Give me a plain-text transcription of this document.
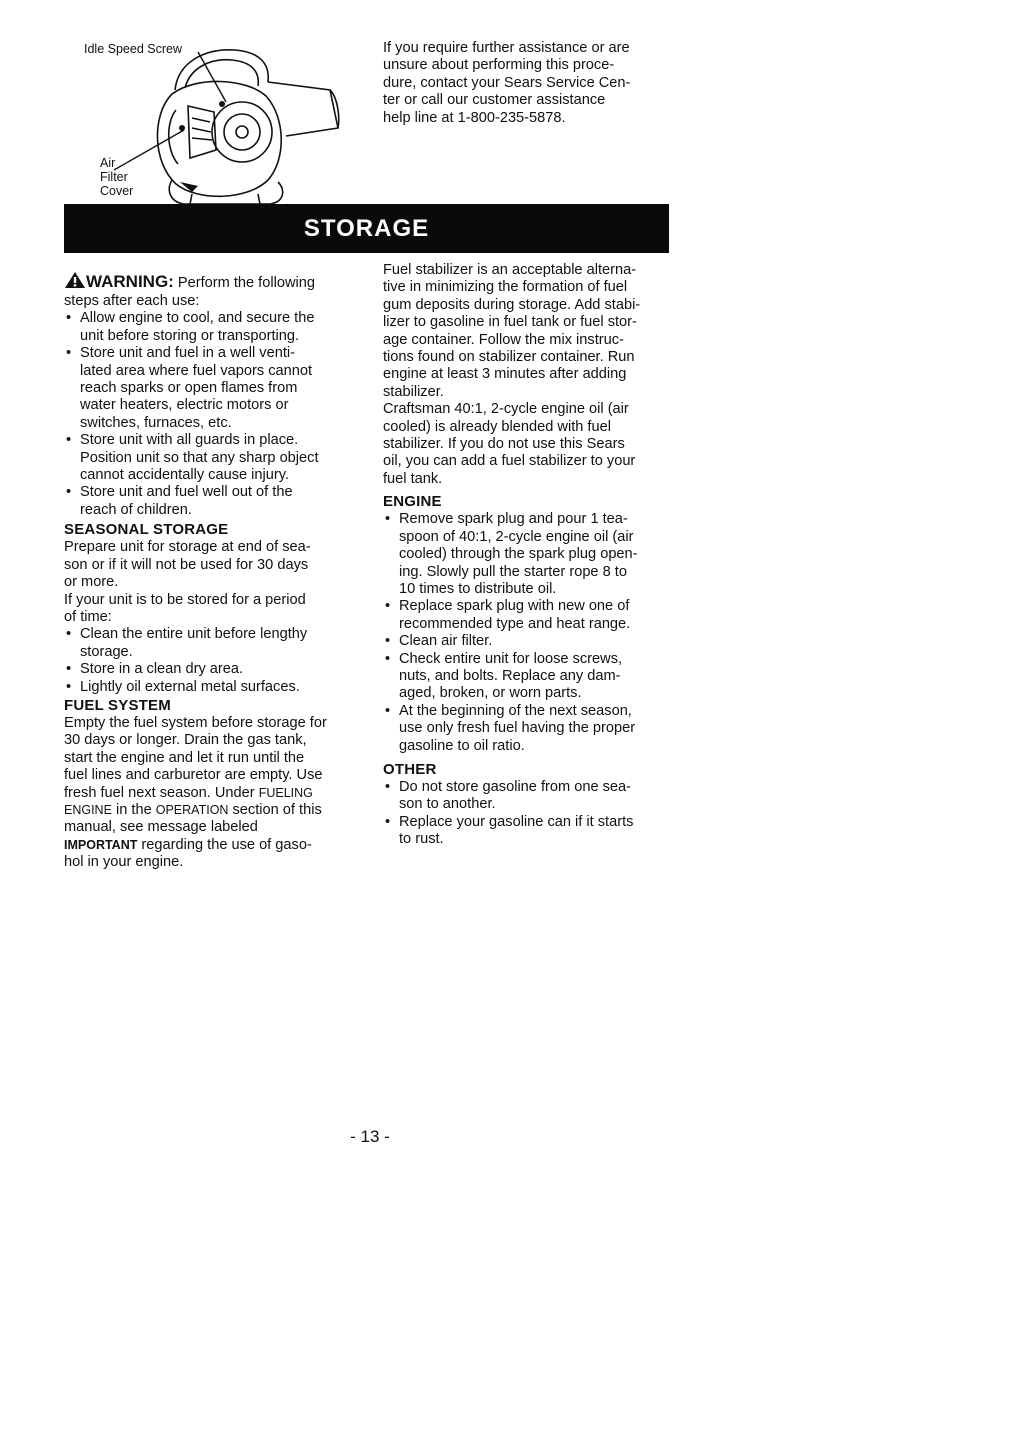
Idle Speed Screw
Air
Filter
Cover
If you require further assistance or are
unsure about performing this proce-
dure, contact your Sears Service Cen-
ter or call our customer assistance
help line at 1-800-235-5878.
STORAGE
WARNING: Perform the following
steps after each use:
• Allow engine to cool, and secure the
unit before storing or transporting.
• Store unit and fuel in a well venti-
lated area where fuel vapors cannot
reach sparks or open flames from
water heaters, electric motors or
switches, furnaces, etc.
• Store unit with all guards in place.
Position unit so that any sharp object
cannot accidentally cause injury.
• Store unit and fuel well out of the
reach of children.
SEASONAL STORAGE
Prepare unit for storage at end of sea-
son or if it will not be used for 30 days
or more.
If your unit is to be stored for a period
of time:
• Clean the entire unit before lengthy
storage.
• Store in a clean dry area.
• Lightly oil external metal surfaces.
FUEL SYSTEM
Empty the fuel system before storage for
30 days or longer. Drain the gas tank,
start the engine and let it run until the
fuel lines and carburetor are empty. Use
fresh fuel next season. Under FUELING
ENGINE in the OPERATION section of this
manual, see message labeled
IMPORTANT regarding the use of gaso-
hol in your engine.
Fuel stabilizer is an acceptable alterna-
tive in minimizing the formation of fuel
gum deposits during storage. Add stabi-
lizer to gasoline in fuel tank or fuel stor-
age container. Follow the mix instruc-
tions found on stabilizer container. Run
engine at least 3 minutes after adding
stabilizer.
Craftsman 40:1, 2-cycle engine oil (air
cooled) is already blended with fuel
stabilizer. If you do not use this Sears
oil, you can add a fuel stabilizer to your
fuel tank.
ENGINE
• Remove spark plug and pour 1 tea-
spoon of 40:1, 2-cycle engine oil (air
cooled) through the spark plug open-
ing. Slowly pull the starter rope 8 to
10 times to distribute oil.
• Replace spark plug with new one of
recommended type and heat range.
• Clean air filter.
• Check entire unit for loose screws,
nuts, and bolts. Replace any dam-
aged, broken, or worn parts.
• At the beginning of the next season,
use only fresh fuel having the proper
gasoline to oil ratio.
OTHER
• Do not store gasoline from one sea-
son to another.
• Replace your gasoline can if it starts
to rust.
- 13 -
